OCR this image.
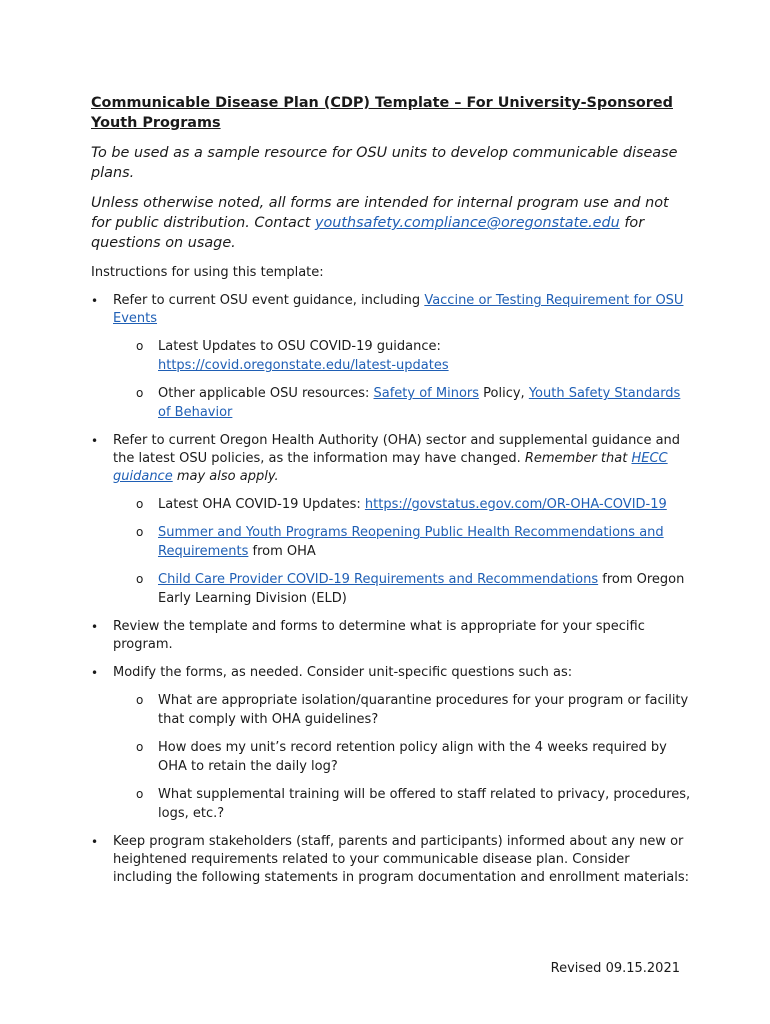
Communicable Disease Plan (CDP) Template – For University-Sponsored Youth Programs

To be used as a sample resource for OSU units to develop communicable disease plans.

Unless otherwise noted, all forms are intended for internal program use and not for public distribution. Contact youthsafety.compliance@oregonstate.edu for questions on usage.

Instructions for using this template:

• Refer to current OSU event guidance, including Vaccine or Testing Requirement for OSU Events
o Latest Updates to OSU COVID-19 guidance:
https://covid.oregonstate.edu/latest-updates
o Other applicable OSU resources: Safety of Minors Policy, Youth Safety Standards of Behavior
• Refer to current Oregon Health Authority (OHA) sector and supplemental guidance and the latest OSU policies, as the information may have changed. Remember that HECC guidance may also apply.
o Latest OHA COVID-19 Updates: https://govstatus.egov.com/OR-OHA-COVID-19
o Summer and Youth Programs Reopening Public Health Recommendations and Requirements from OHA
o Child Care Provider COVID-19 Requirements and Recommendations from Oregon Early Learning Division (ELD)
• Review the template and forms to determine what is appropriate for your specific program.
• Modify the forms, as needed. Consider unit-specific questions such as:
o What are appropriate isolation/quarantine procedures for your program or facility that comply with OHA guidelines?
o How does my unit’s record retention policy align with the 4 weeks required by OHA to retain the daily log?
o What supplemental training will be offered to staff related to privacy, procedures, logs, etc.?
• Keep program stakeholders (staff, parents and participants) informed about any new or heightened requirements related to your communicable disease plan. Consider including the following statements in program documentation and enrollment materials:
Revised 09.15.2021
